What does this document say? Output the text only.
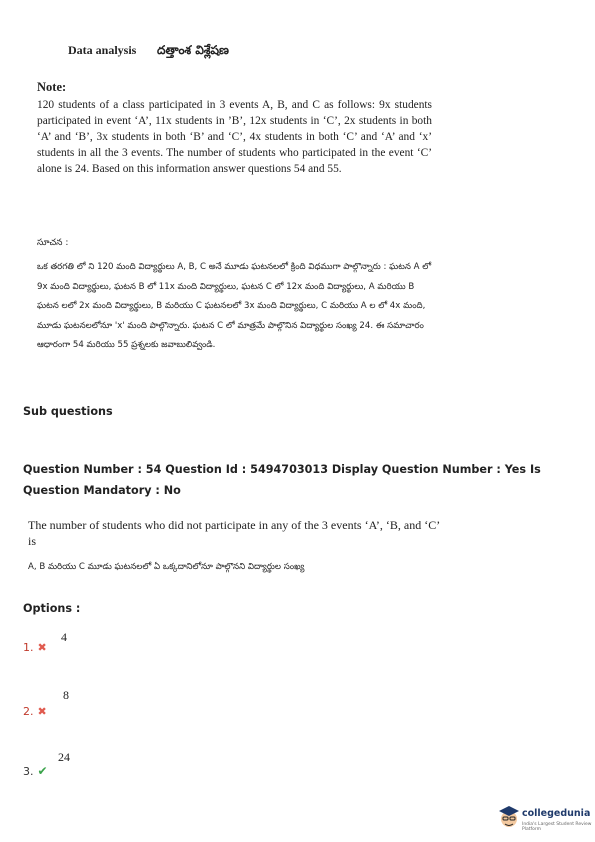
Data analysis దత్తాంశ విశ్లేషణ
Note:
120 students of a class participated in 3 events A, B, and C as follows: 9x students participated in event ‘A’, 11x students in ’B’, 12x students in ‘C’, 2x students in both ‘A’ and ‘B’, 3x students in both ‘B’ and ‘C’, 4x students in both ‘C’ and ‘A’ and ‘x’ students in all the 3 events. The number of students who participated in the event ‘C’ alone is 24. Based on this information answer questions 54 and 55.
సూచన :
ఒక తరగతి లో ని 120 మంది విద్యార్థులు A, B, C అనే మూడు ఘటనలలో క్రింది విధముగా పాల్గొన్నారు : ఘటన A లో 9x మంది విద్యార్థులు, ఘటన B లో 11x మంది విద్యార్థులు, ఘటన C లో 12x మంది విద్యార్థులు, A మరియు B ఘటన లలో 2x మంది విద్యార్థులు, B మరియు C ఘటనలలో 3x మంది విద్యార్థులు, C మరియు A ల లో 4x మంది, మూడు ఘటనలలోనూ 'x' మంది పాల్గొన్నారు. ఘటన C లో మాత్రమే పాల్గొనిన విద్యార్థుల సంఖ్య 24. ఈ సమాచారం ఆధారంగా 54 మరియు 55 ప్రశ్నలకు జవాబులివ్వండి.
Sub questions
Question Number : 54 Question Id : 5494703013 Display Question Number : Yes Is Question Mandatory : No
The number of students who did not participate in any of the 3 events ‘A’, ‘B, and ‘C’ is
A, B మరియు C మూడు ఘటనలలో ఏ ఒక్కదానిలోనూ పాల్గొనని విద్యార్థుల సంఖ్య
Options :
1. ✖
4
2. ✖
8
3. ✔
24
collegedunia
India's Largest Student Review Platform
